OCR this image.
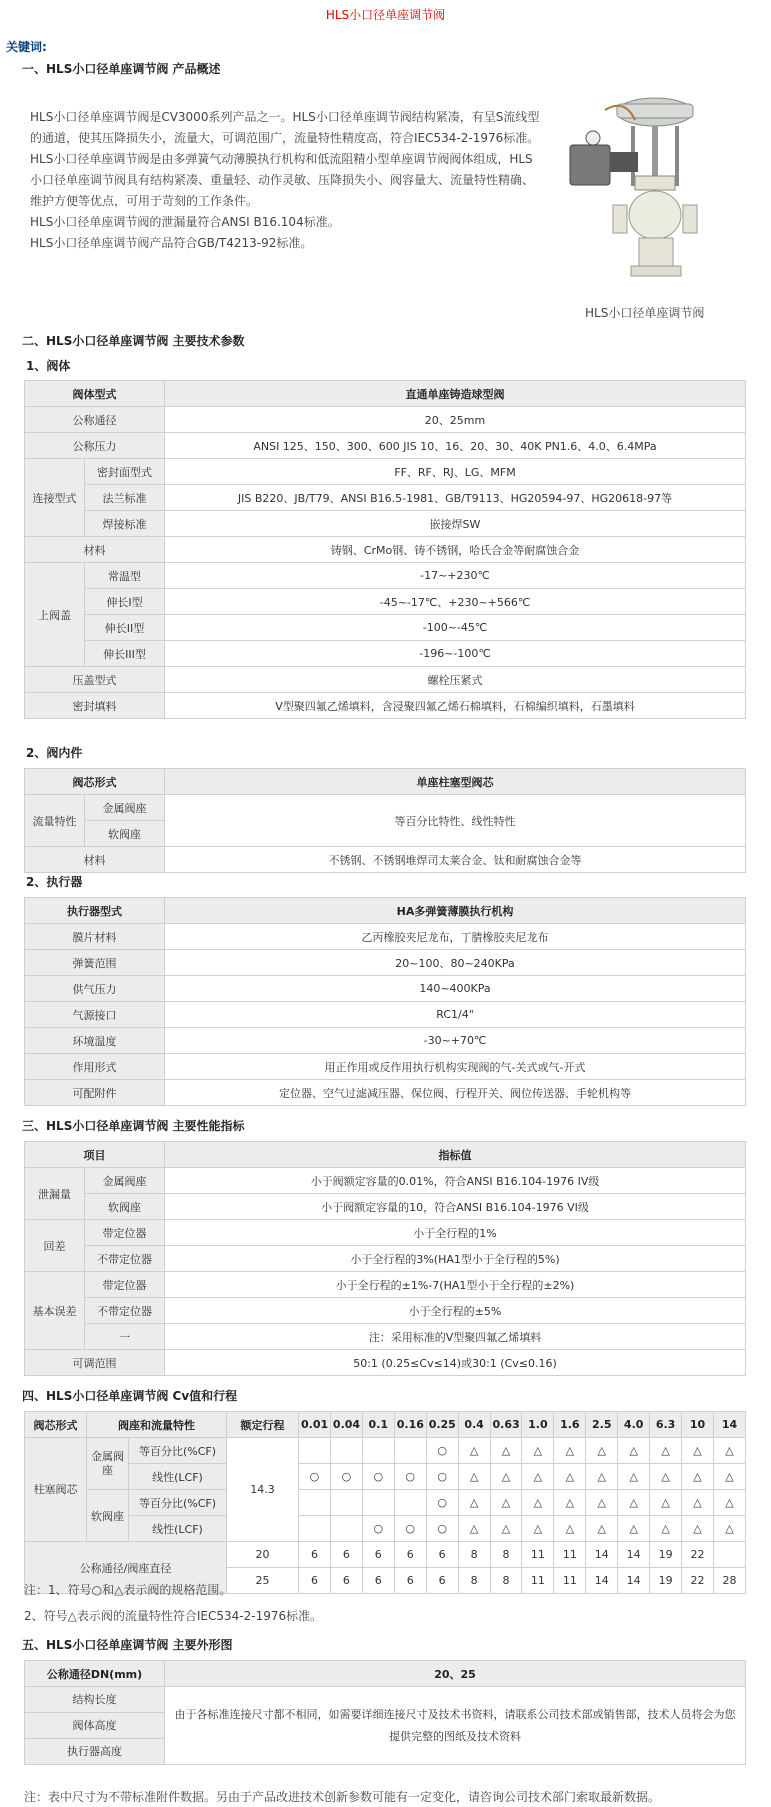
HLS小口径单座调节阀
关键词:
一、HLS小口径单座调节阀 产品概述

HLS小口径单座调节阀是CV3000系列产品之一。HLS小口径单座调节阀结构紧凑，有呈S流线型

的通道，使其压降损失小，流量大，可调范围广，流量特性精度高，符合IEC534-2-1976标准。

HLS小口径单座调节阀是由多弹簧气动薄膜执行机构和低流阻精小型单座调节阀阀体组成，HLS

小口径单座调节阀具有结构紧凑、重量轻、动作灵敏、压降损失小、阀容量大、流量特性精确、

维护方便等优点，可用于苛刻的工作条件。

HLS小口径单座调节阀的泄漏量符合ANSI B16.104标准。

HLS小口径单座调节阀产品符合GB/T4213-92标准。

HLS小口径单座调节阀
二、HLS小口径单座调节阀 主要技术参数
1、阀体
阀体型式		直通单座铸造球型阀
公称通径		20、25mm
公称压力		ANSI 125、150、300、600 JIS 10、16、20、30、40K PN1.6、4.0、6.4MPa
连接型式	密封面型式	FF、RF、RJ、LG、MFM
	法兰标准	JIS B220、JB/T79、ANSI B16.5-1981、GB/T9113、HG20594-97、HG20618-97等
	焊接标准	嵌接焊SW
材料		铸钢、CrMo钢、铸不锈钢，哈氏合金等耐腐蚀合金
上阀盖	常温型	-17~+230℃
	伸长I型	-45~-17℃、+230~+566℃
	伸长II型	-100~-45℃
	伸长III型	-196~-100℃
压盖型式		螺栓压紧式
密封填料		V型聚四氟乙烯填料，含浸聚四氟乙烯石棉填料，石棉编织填料，石墨填料
2、阀内件
阀芯形式		单座柱塞型阀芯
流量特性	金属阀座	等百分比特性、线性特性
	软阀座	
材料		不锈钢、不锈钢堆焊司太莱合金、钛和耐腐蚀合金等
2、执行器
执行器型式	HA多弹簧薄膜执行机构
膜片材料	乙丙橡胶夹尼龙布，丁腈橡胶夹尼龙布
弹簧范围	20~100、80~240KPa
供气压力	140~400KPa
气源接口	RC1/4"
环境温度	-30~+70℃
作用形式	用正作用或反作用执行机构实现阀的气-关式或气-开式
可配附件	定位器、空气过滤减压器、保位阀、行程开关、阀位传送器、手轮机构等
三、HLS小口径单座调节阀 主要性能指标
项目		指标值
泄漏量	金属阀座	小于阀额定容量的0.01%，符合ANSI B16.104-1976 IV级
	软阀座	小于阀额定容量的10，符合ANSI B16.104-1976 VI级
回差	带定位器	小于全行程的1%
	不带定位器	小于全行程的3%(HA1型小于全行程的5%)
基本误差	带定位器	小于全行程的±1%-7(HA1型小于全行程的±2%)
	不带定位器	小于全行程的±5%
	一	注：采用标准的V型聚四氟乙烯填料
可调范围		50:1 (0.25≤Cv≤14)或30:1 (Cv≤0.16)
四、HLS小口径单座调节阀 Cv值和行程
阀芯形式	阀座和流量特性		额定行程	0.01	0.04	0.1	0.16	0.25	0.4	0.63	1.0	1.6	2.5	4.0	6.3	10	14
柱塞阀芯	金属阀座	等百分比(%CF)	14.3					○	△	△	△	△	△	△	△	△	△
		线性(LCF)		○	○	○	○	○	△	△	△	△	△	△	△	△	△
	软阀座	等百分比(%CF)						○	△	△	△	△	△	△	△	△	△
		线性(LCF)				○	○	○	△	△	△	△	△	△	△	△	△
公称通径/阀座直径			20	6	6	6	6	6	8	8	11	11	14	14	19	22	
			25	6	6	6	6	6	8	8	11	11	14	14	19	22	28
注：1、符号○和△表示阀的规格范围。
2、符号△表示阀的流量特性符合IEC534-2-1976标准。
五、HLS小口径单座调节阀 主要外形图
公称通径DN(mm)	20、25
结构长度	由于各标准连接尺寸都不相同，如需要详细连接尺寸及技术书资料，请联系公司技术部或销售部，技术人员将会为您提供完整的图纸及技术资料
阀体高度	
执行器高度	
注：表中尺寸为不带标准附件数据。另由于产品改进技术创新参数可能有一定变化，请咨询公司技术部门索取最新数据。
